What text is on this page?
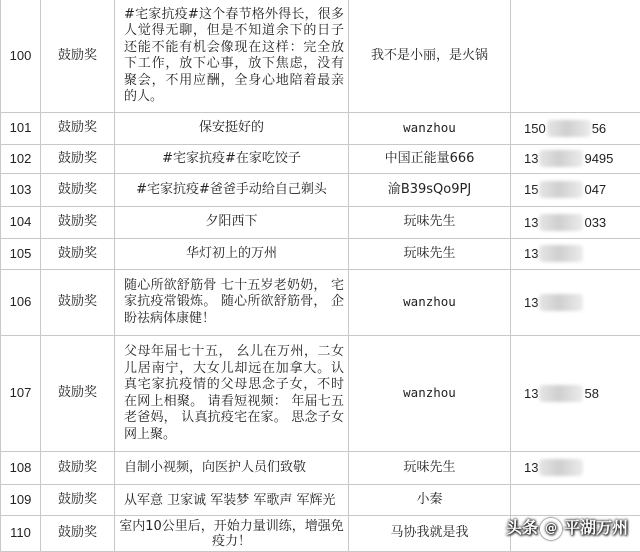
100	鼓励奖	#宅家抗疫#这个春节格外得长，很多人觉得无聊，但是不知道余下的日子还能不能有机会像现在这样：完全放下工作，放下心事，放下焦虑，没有聚会，不用应酬，全身心地陪着最亲的人。	我不是小丽，是火锅	
101	鼓励奖	保安挺好的	wanzhou	150 56
102	鼓励奖	#宅家抗疫#在家吃饺子	中国正能量666	13 9495
103	鼓励奖	#宅家抗疫#爸爸手动给自己剃头	渝B39sQo9PJ	15 047
104	鼓励奖	夕阳西下	玩味先生	13 033
105	鼓励奖	华灯初上的万州	玩味先生	13
106	鼓励奖	随心所欲舒筋骨 七十五岁老奶奶， 宅家抗疫常锻炼。 随心所欲舒筋骨， 企盼祛病体康健！	wanzhou	13
107	鼓励奖	父母年届七十五， 幺儿在万州，二女儿居南宁，大女儿却远在加拿大。认真宅家抗疫情的父母思念子女，不时在网上相聚。 请看短视频： 年届七五老爸妈， 认真抗疫宅在家。 思念子女网上聚。	wanzhou	13 58
108	鼓励奖	自制小视频，向医护人员们致敬	玩味先生	13
109	鼓励奖	从军意 卫家诚 军装梦 军歌声 军辉光	小秦	
110	鼓励奖	室内10公里后，开始力量训练，增强免疫力！	马协我就是我	头条 @ 平湖万州
